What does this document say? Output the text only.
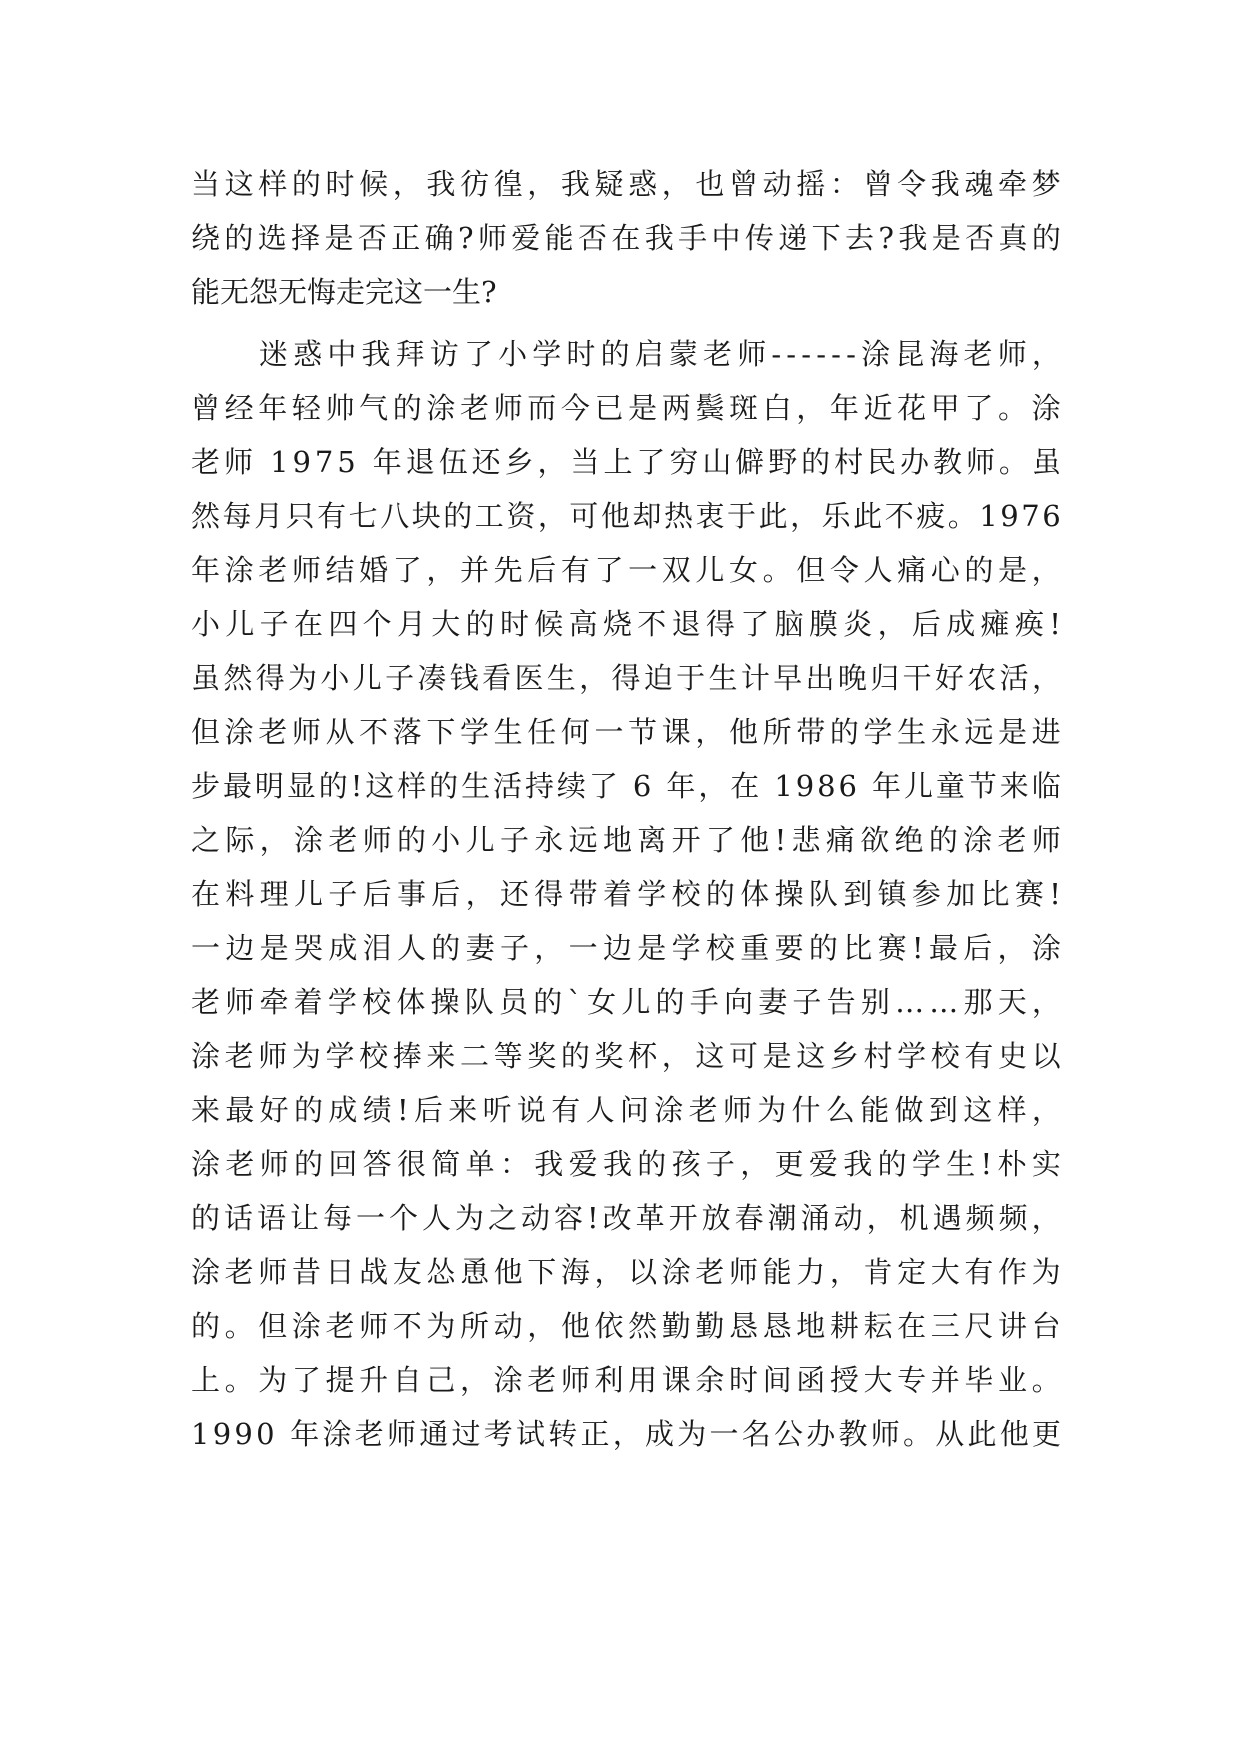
当 这 样 的 时 候 ， 我 彷 徨 ， 我 疑 惑 ， 也 曾 动 摇 ： 曾 令 我 魂 牵 梦
绕 的 选 择 是 否 正 确 ? 师 爱 能 否 在 我 手 中 传 递 下 去 ? 我 是 否 真 的
能无怨无悔走完这一生?
迷 惑 中 我 拜 访 了 小 学 时 的 启 蒙 老 师 - - - - - - 涂 昆 海 老 师 ，
曾 经 年 轻 帅 气 的 涂 老 师 而 今 已 是 两 鬓 斑 白 ， 年 近 花 甲 了 。 涂
老 师
1 9 7 5
年 退 伍 还 乡 ， 当 上 了 穷 山 僻 野 的 村 民 办 教 师 。 虽
然 每 月 只 有 七 八 块 的 工 资 ， 可 他 却 热 衷 于 此 ， 乐 此 不 疲 。 1 9 7 6
年 涂 老 师 结 婚 了 ， 并 先 后 有 了 一 双 儿 女 。 但 令 人 痛 心 的 是 ，
小 儿 子 在 四 个 月 大 的 时 候 高 烧 不 退 得 了 脑 膜 炎 ， 后 成 瘫 痪 !
虽 然 得 为 小 儿 子 凑 钱 看 医 生 ， 得 迫 于 生 计 早 出 晚 归 干 好 农 活 ，
但 涂 老 师 从 不 落 下 学 生 任 何 一 节 课 ， 他 所 带 的 学 生 永 远 是 进
步 最 明 显 的 ! 这 样 的 生 活 持 续 了
6
年 ， 在
1 9 8 6
年 儿 童 节 来 临
之 际 ， 涂 老 师 的 小 儿 子 永 远 地 离 开 了 他 ! 悲 痛 欲 绝 的 涂 老 师
在 料 理 儿 子 后 事 后 ， 还 得 带 着 学 校 的 体 操 队 到 镇 参 加 比 赛 !
一 边 是 哭 成 泪 人 的 妻 子 ， 一 边 是 学 校 重 要 的 比 赛 ! 最 后 ， 涂
老 师 牵 着 学 校 体 操 队 员 的 ` 女 儿 的 手 向 妻 子 告 别 … … 那 天 ，
涂 老 师 为 学 校 捧 来 二 等 奖 的 奖 杯 ， 这 可 是 这 乡 村 学 校 有 史 以
来 最 好 的 成 绩 ! 后 来 听 说 有 人 问 涂 老 师 为 什 么 能 做 到 这 样 ，
涂 老 师 的 回 答 很 简 单 ： 我 爱 我 的 孩 子 ， 更 爱 我 的 学 生 ! 朴 实
的 话 语 让 每 一 个 人 为 之 动 容 ! 改 革 开 放 春 潮 涌 动 ， 机 遇 频 频 ，
涂 老 师 昔 日 战 友 怂 恿 他 下 海 ， 以 涂 老 师 能 力 ， 肯 定 大 有 作 为
的 。 但 涂 老 师 不 为 所 动 ， 他 依 然 勤 勤 恳 恳 地 耕 耘 在 三 尺 讲 台
上 。 为 了 提 升 自 己 ， 涂 老 师 利 用 课 余 时 间 函 授 大 专 并 毕 业 。
1 9 9 0
年 涂 老 师 通 过 考 试 转 正 ， 成 为 一 名 公 办 教 师 。 从 此 他 更
